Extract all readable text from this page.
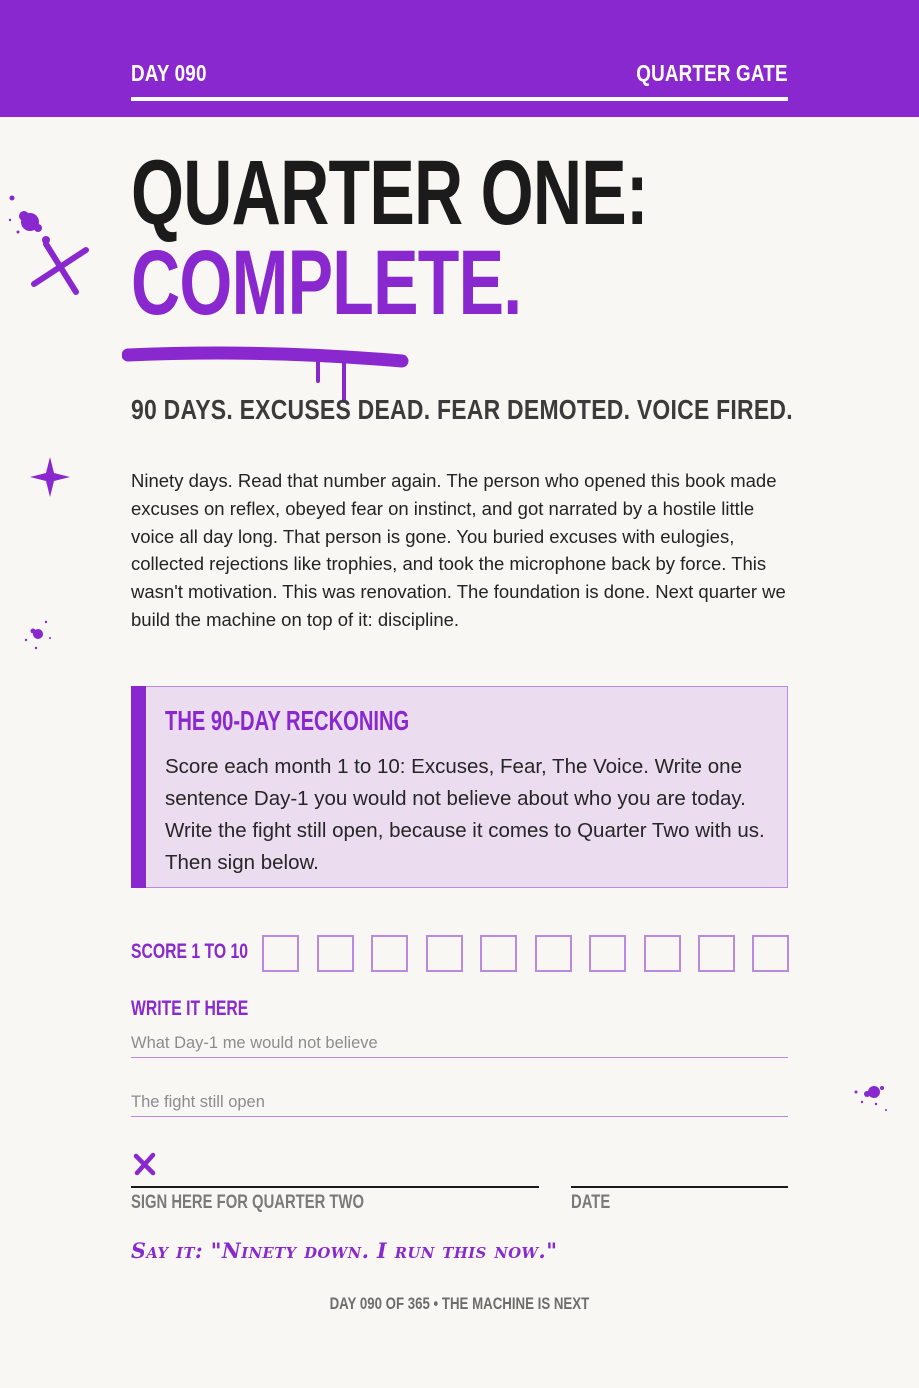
DAY 090	QUARTER GATE
QUARTER ONE:
COMPLETE.
90 DAYS. EXCUSES DEAD. FEAR DEMOTED. VOICE FIRED.

Ninety days. Read that number again. The person who opened this book made excuses on reflex, obeyed fear on instinct, and got narrated by a hostile little voice all day long. That person is gone. You buried excuses with eulogies, collected rejections like trophies, and took the microphone back by force. This wasn't motivation. This was renovation. The foundation is done. Next quarter we build the machine on top of it: discipline.

THE 90-DAY RECKONING
Score each month 1 to 10: Excuses, Fear, The Voice. Write one sentence Day-1 you would not believe about who you are today. Write the fight still open, because it comes to Quarter Two with us. Then sign below.
SCORE 1 TO 10
WRITE IT HERE
What Day-1 me would not believe
The fight still open
SIGN HERE FOR QUARTER TWO	DATE
Say it: "Ninety down. I run this now."
DAY 090 OF 365 • THE MACHINE IS NEXT
